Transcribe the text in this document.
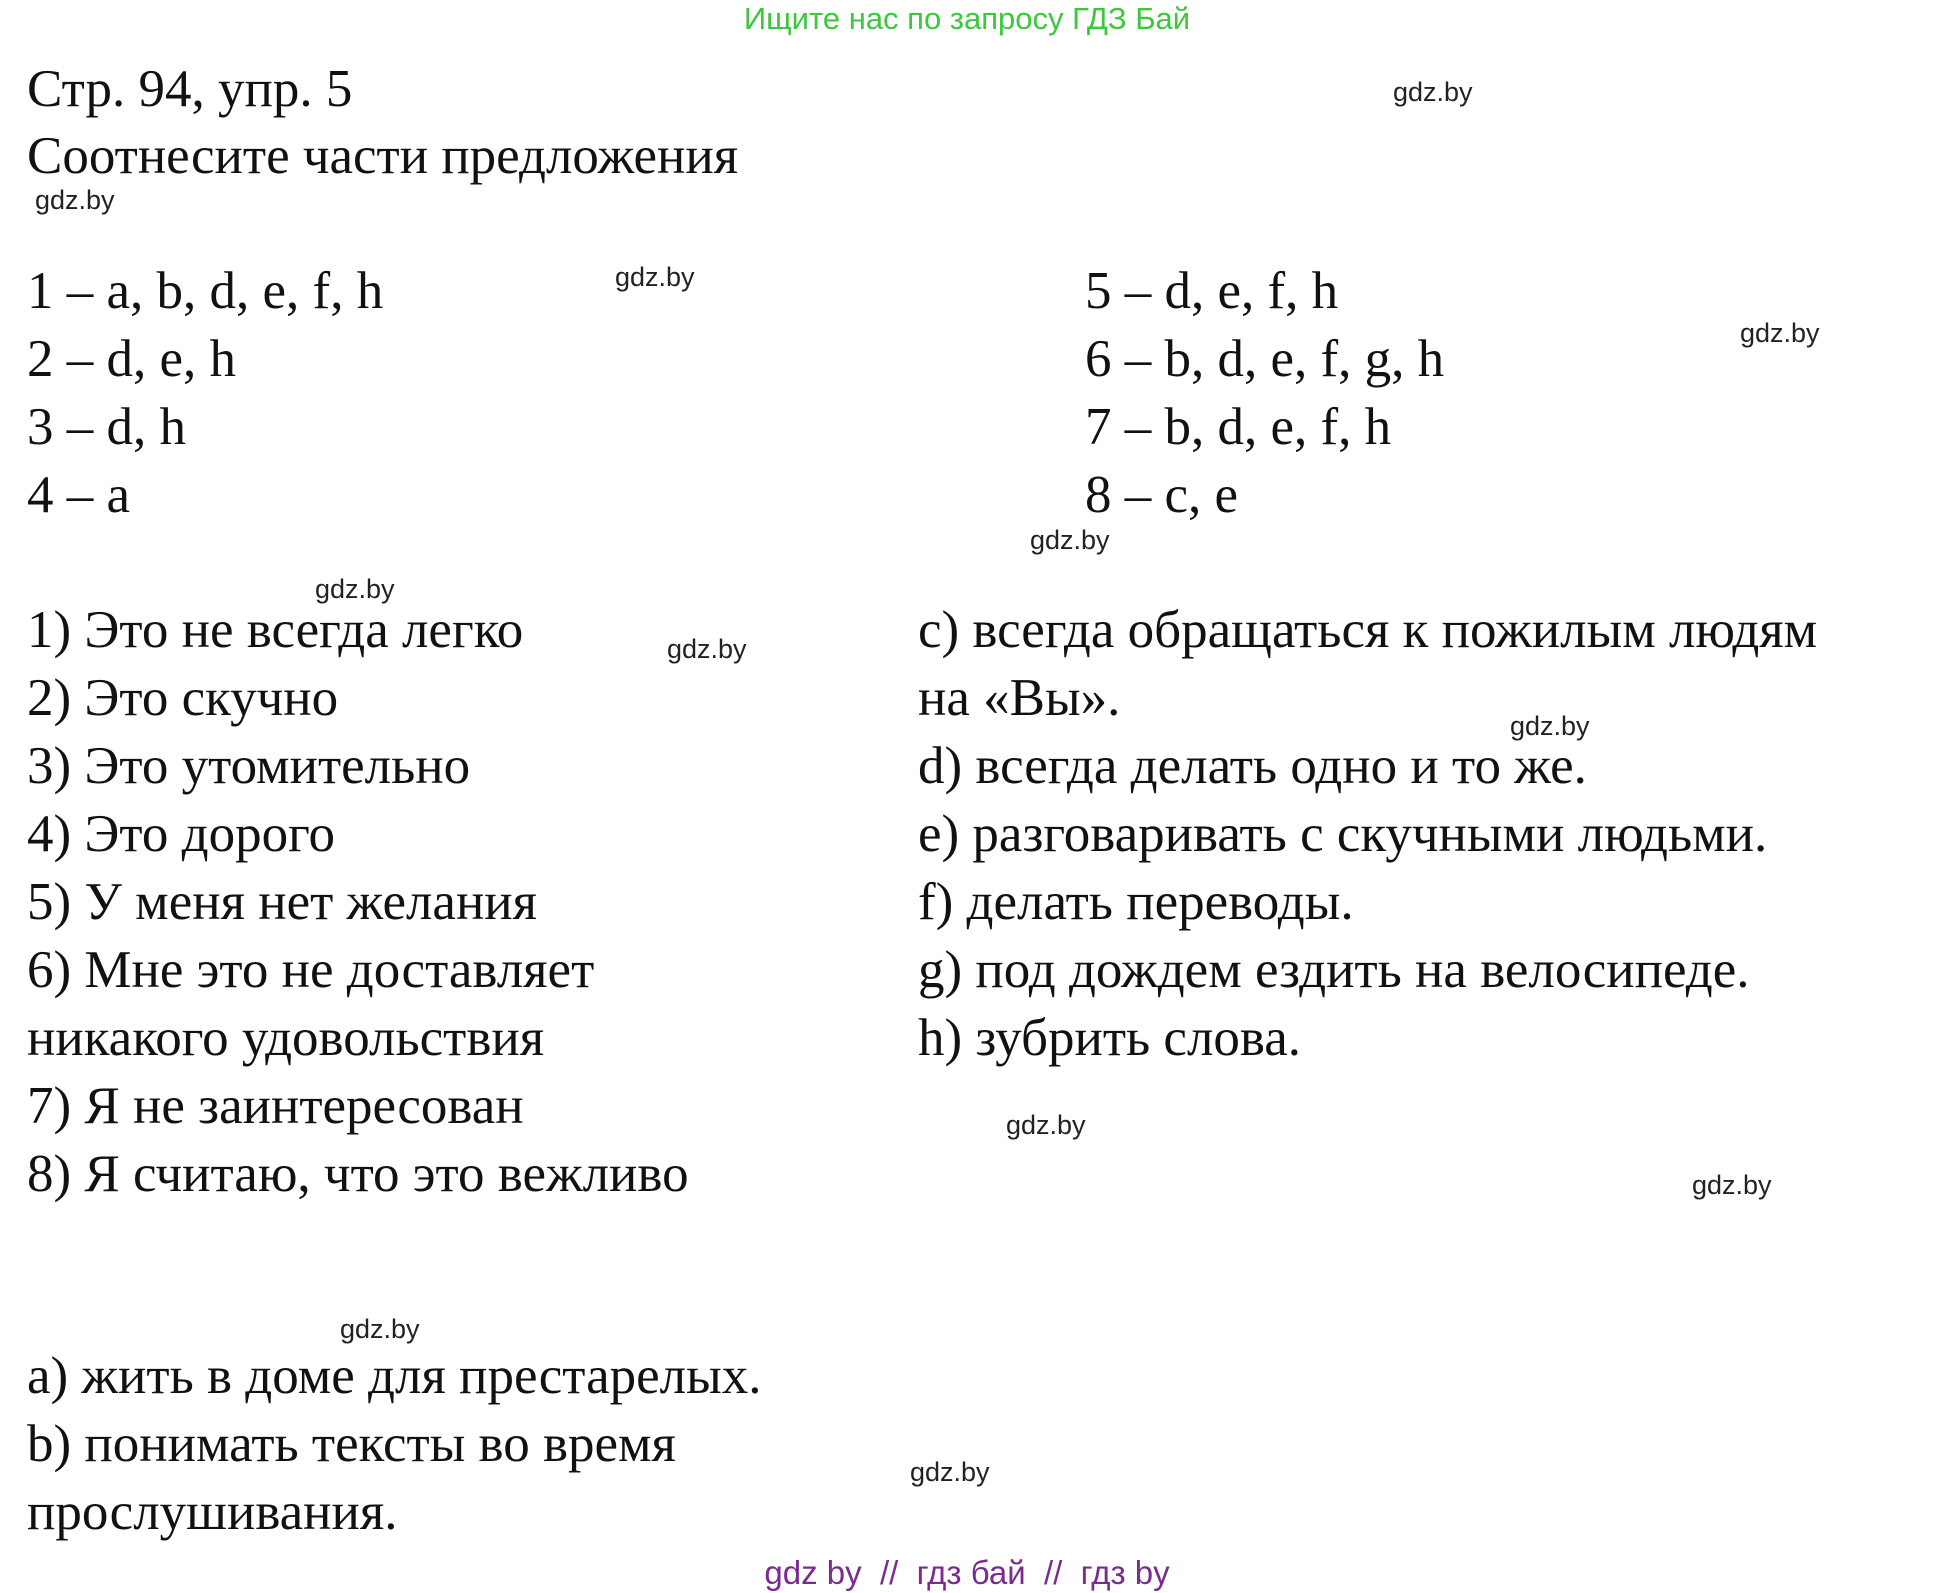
Ищите нас по запросу ГДЗ Бай
Стр. 94, упр. 5
Соотнесите части предложения
1 – a, b, d, e, f, h
2 – d, e, h
3 – d, h
4 – a
5 – d, e, f, h
6 – b, d, e, f, g, h
7 – b, d, e, f, h
8 – c, e
1) Это не всегда легко
2) Это скучно
3) Это утомительно
4) Это дорого
5) У меня нет желания
6) Мне это не доставляет
никакого удовольствия
7) Я не заинтересован
8) Я считаю, что это вежливо
c) всегда обращаться к пожилым людям
на «Вы».
d) всегда делать одно и то же.
e) разговаривать с скучными людьми.
f) делать переводы.
g) под дождем ездить на велосипеде.
h) зубрить слова.
a) жить в доме для престарелых.
b) понимать тексты во время
прослушивания.
gdz.by
gdz.by
gdz.by
gdz.by
gdz.by
gdz.by
gdz.by
gdz.by
gdz.by
gdz.by
gdz.by
gdz.by
gdz by  //  гдз бай  //  гдз by
